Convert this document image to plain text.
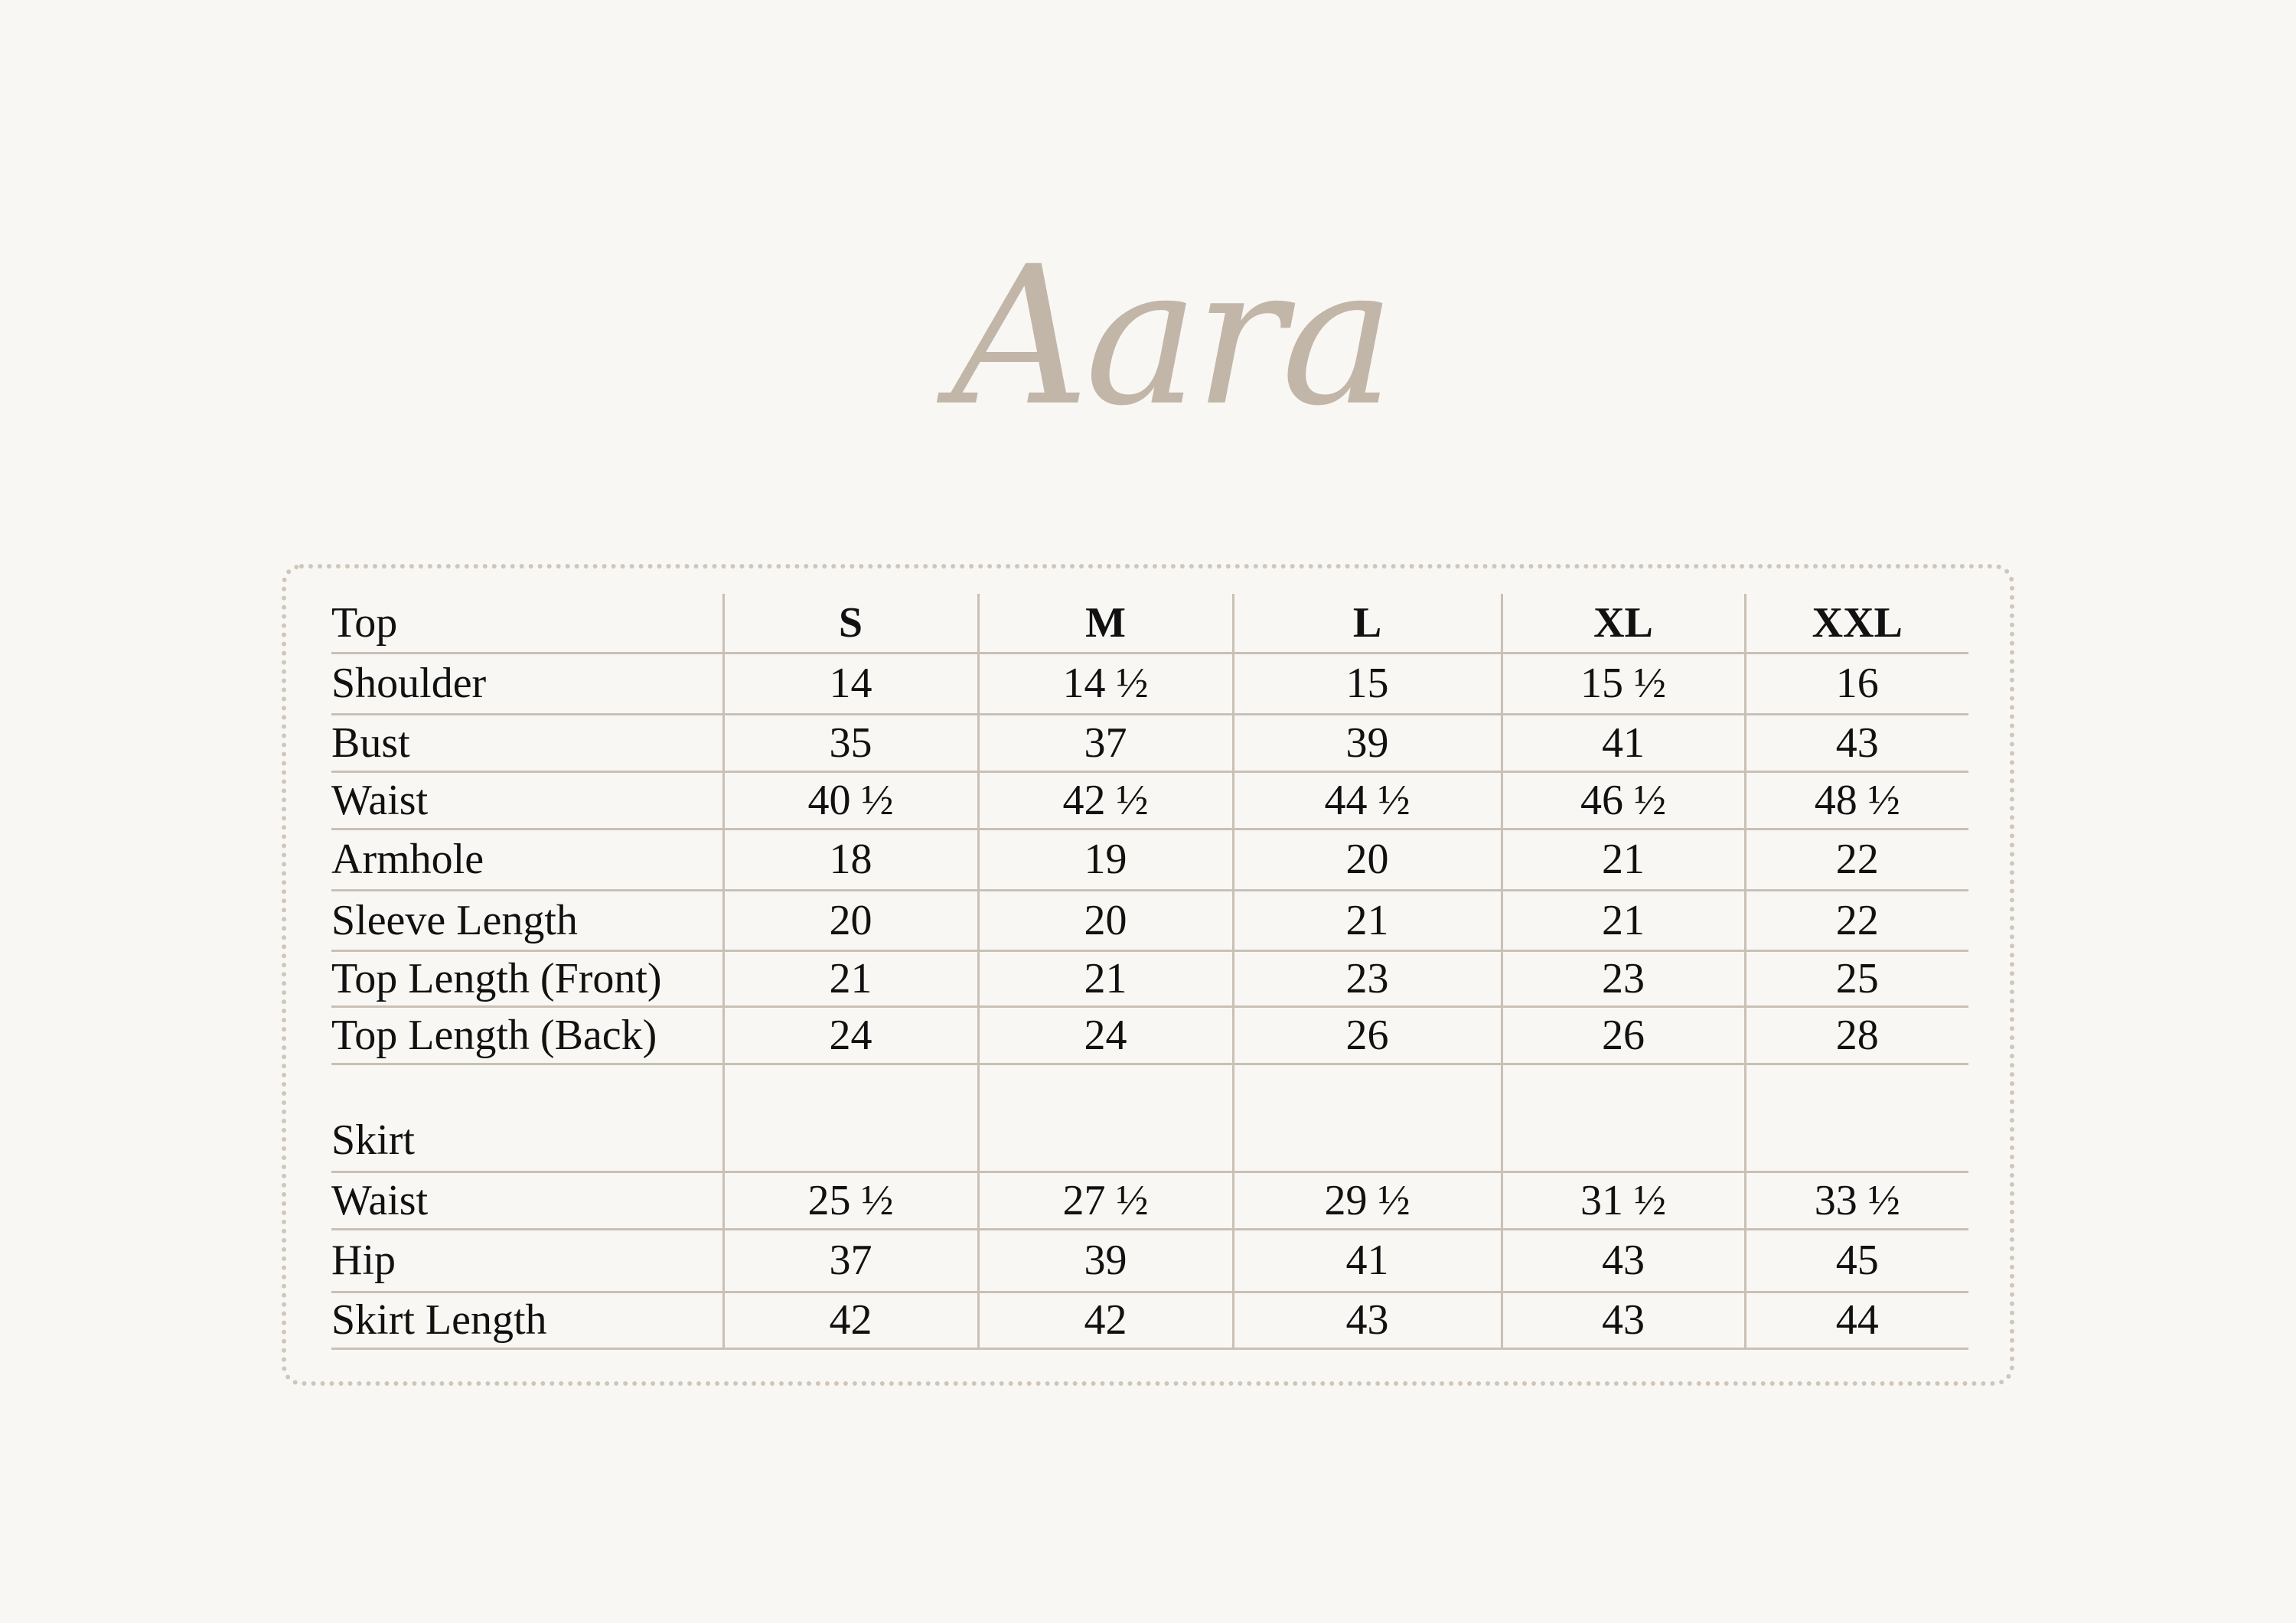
Aara
Top	S	M	L	XL	XXL
Shoulder	14	14 ½	15	15 ½	16
Bust	35	37	39	41	43
Waist	40 ½	42 ½	44 ½	46 ½	48 ½
Armhole	18	19	20	21	22
Sleeve Length	20	20	21	21	22
Top Length (Front)	21	21	23	23	25
Top Length (Back)	24	24	26	26	28
Skirt					
Waist	25 ½	27 ½	29 ½	31 ½	33 ½
Hip	37	39	41	43	45
Skirt Length	42	42	43	43	44
